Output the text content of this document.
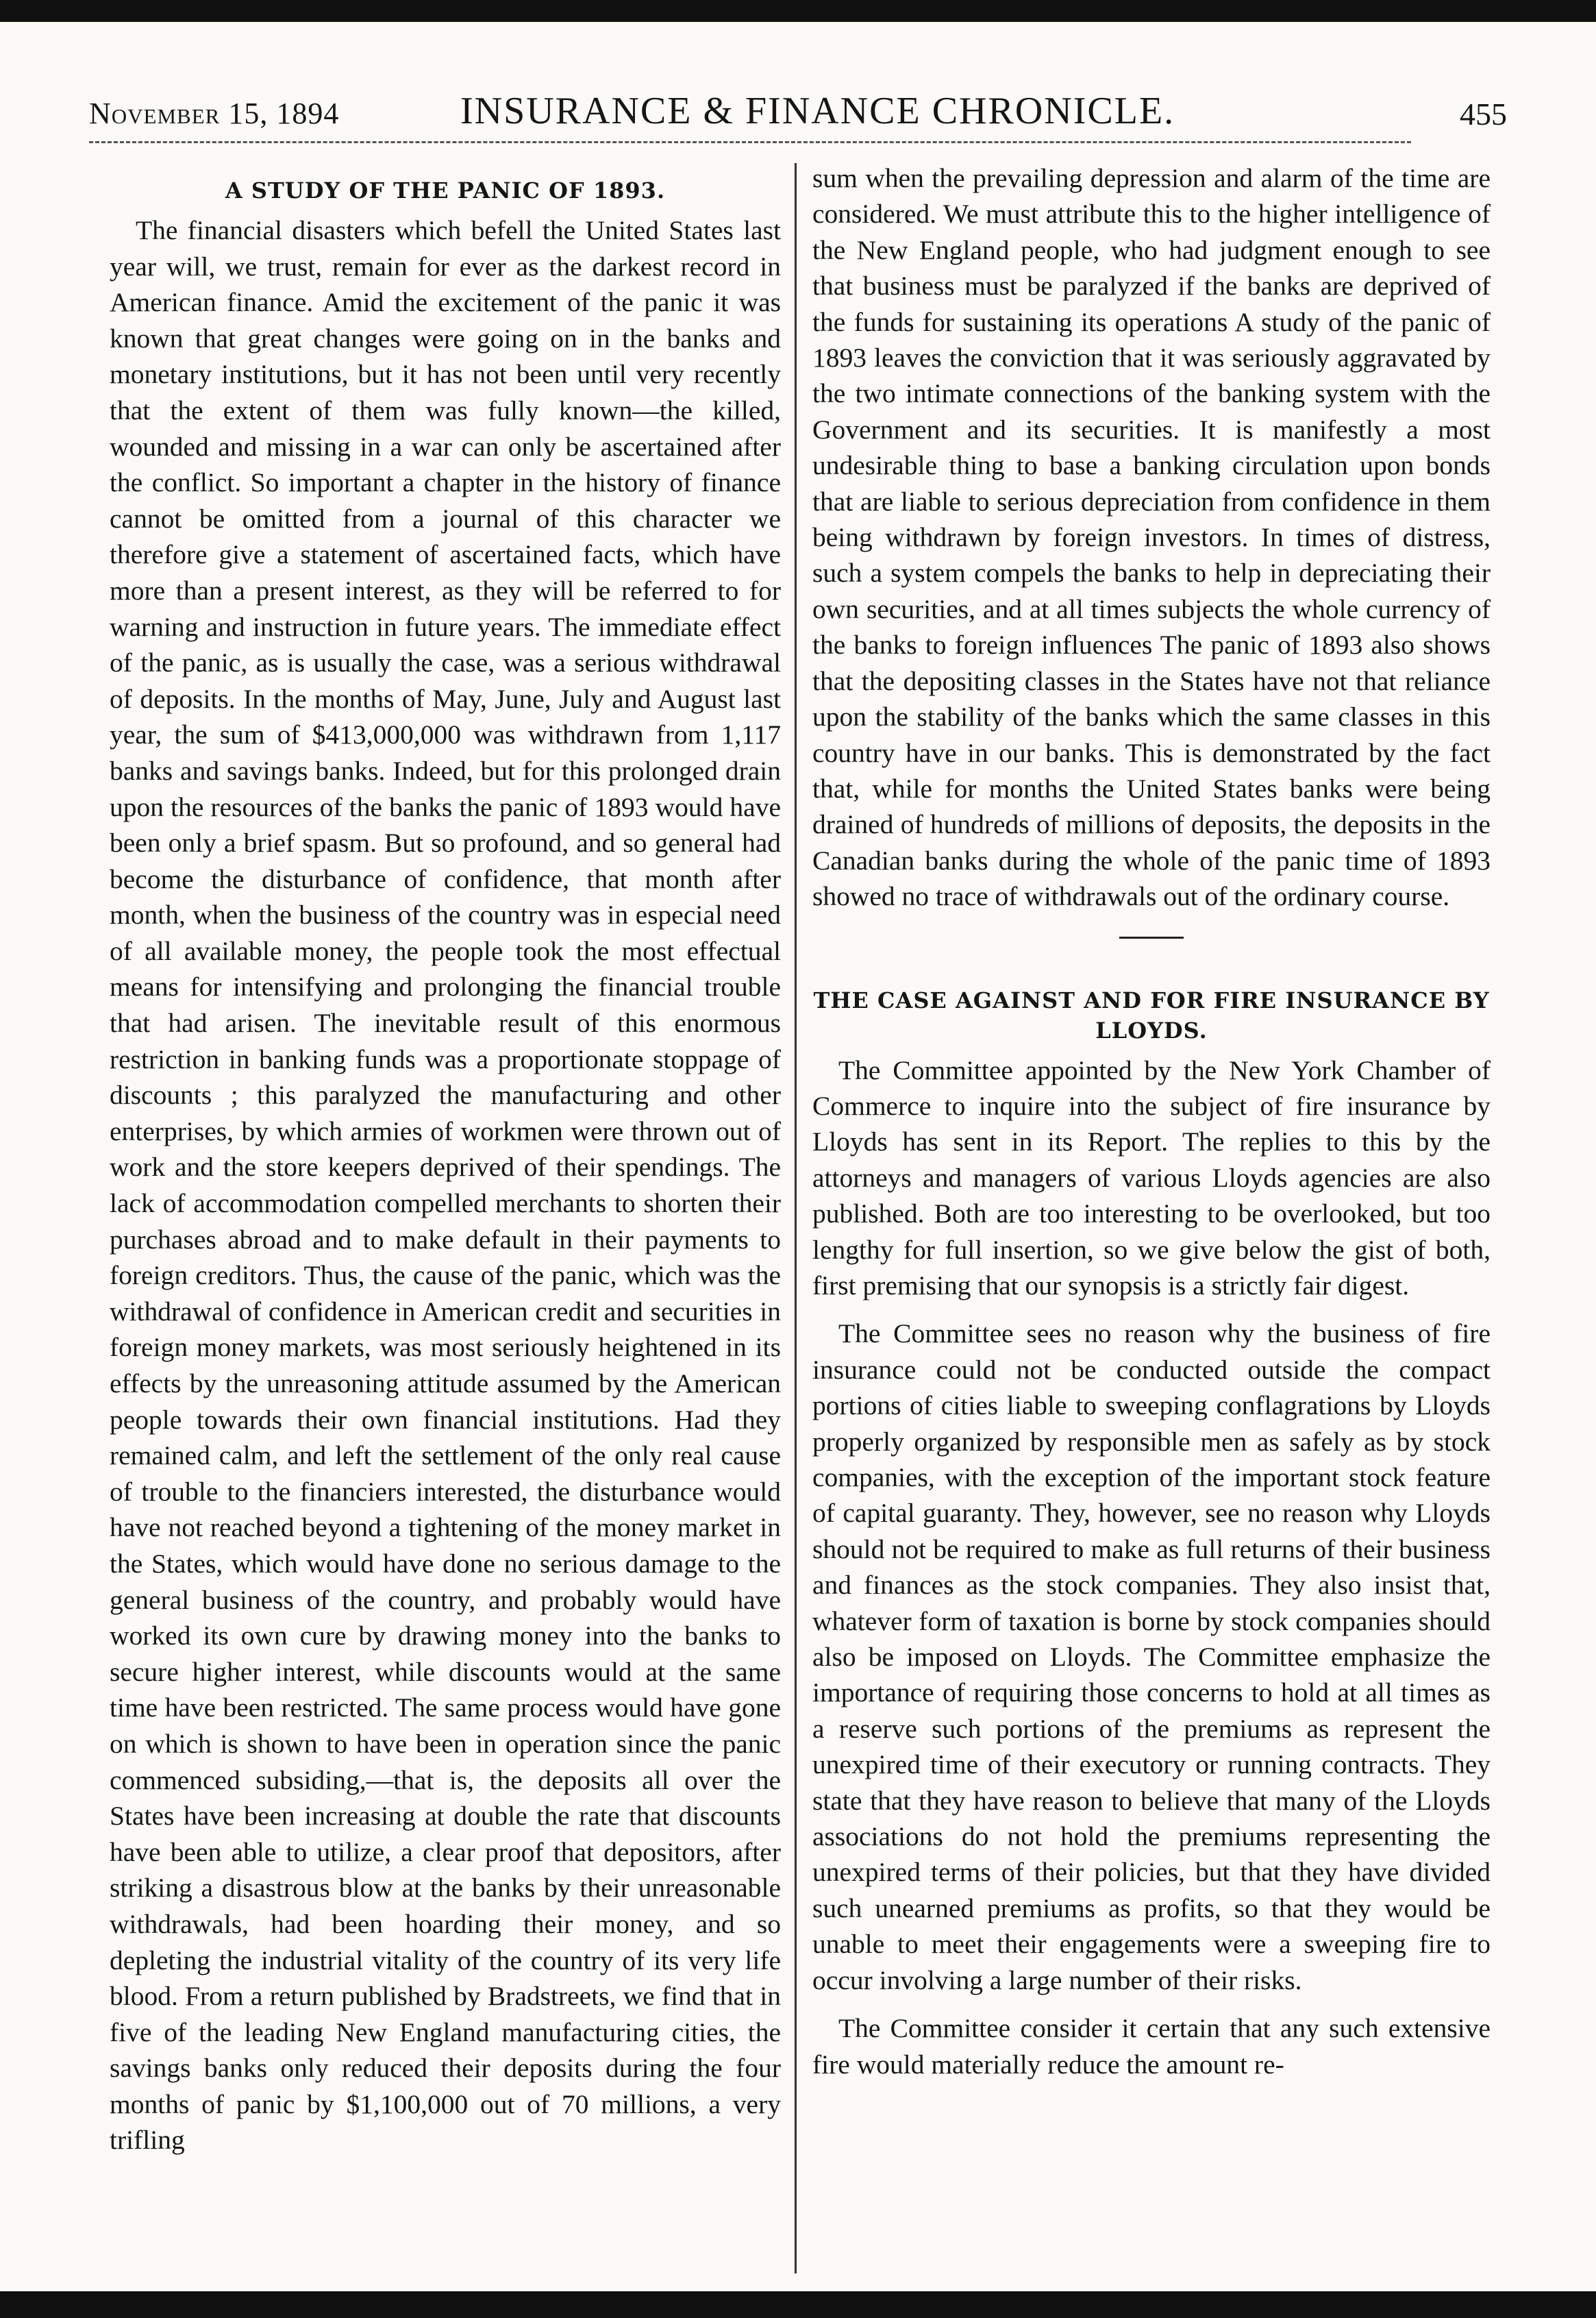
November 15, 1894	INSURANCE & FINANCE CHRONICLE.	455
A STUDY OF THE PANIC OF 1893.

The financial disasters which befell the United States last year will, we trust, remain for ever as the darkest record in American finance. Amid the excitement of the panic it was known that great changes were going on in the banks and monetary institutions, but it has not been until very recently that the extent of them was fully known—the killed, wounded and missing in a war can only be ascertained after the conflict. So important a chapter in the history of finance cannot be omitted from a journal of this character we therefore give a statement of ascertained facts, which have more than a present interest, as they will be referred to for warning and instruction in future years. The immediate effect of the panic, as is usually the case, was a serious withdrawal of deposits. In the months of May, June, July and August last year, the sum of $413,000,000 was withdrawn from 1,117 banks and savings banks. Indeed, but for this prolonged drain upon the resources of the banks the panic of 1893 would have been only a brief spasm. But so profound, and so general had become the disturbance of confidence, that month after month, when the business of the country was in especial need of all available money, the people took the most effectual means for intensifying and prolonging the financial trouble that had arisen. The inevitable result of this enormous restriction in banking funds was a proportionate stoppage of discounts ; this paralyzed the manufacturing and other enterprises, by which armies of workmen were thrown out of work and the store keepers deprived of their spendings. The lack of accommodation compelled merchants to shorten their purchases abroad and to make default in their payments to foreign creditors. Thus, the cause of the panic, which was the withdrawal of confidence in American credit and securities in foreign money markets, was most seriously heightened in its effects by the unreasoning attitude assumed by the American people towards their own financial institutions. Had they remained calm, and left the settlement of the only real cause of trouble to the financiers interested, the disturbance would have not reached beyond a tightening of the money market in the States, which would have done no serious damage to the general business of the country, and probably would have worked its own cure by drawing money into the banks to secure higher interest, while discounts would at the same time have been restricted. The same process would have gone on which is shown to have been in operation since the panic commenced subsiding,—that is, the deposits all over the States have been increasing at double the rate that discounts have been able to utilize, a clear proof that depositors, after striking a disastrous blow at the banks by their unreasonable withdrawals, had been hoarding their money, and so depleting the industrial vitality of the country of its very life blood. From a return published by Bradstreets, we find that in five of the leading New England manufacturing cities, the savings banks only reduced their deposits during the four months of panic by $1,100,000 out of 70 millions, a very trifling

sum when the prevailing depression and alarm of the time are considered. We must attribute this to the higher intelligence of the New England people, who had judgment enough to see that business must be paralyzed if the banks are deprived of the funds for sustaining its operations A study of the panic of 1893 leaves the conviction that it was seriously aggravated by the two intimate connections of the banking system with the Government and its securities. It is manifestly a most undesirable thing to base a banking circulation upon bonds that are liable to serious depreciation from confidence in them being withdrawn by foreign investors. In times of distress, such a system compels the banks to help in depreciating their own securities, and at all times subjects the whole currency of the banks to foreign influences The panic of 1893 also shows that the depositing classes in the States have not that reliance upon the stability of the banks which the same classes in this country have in our banks. This is demonstrated by the fact that, while for months the United States banks were being drained of hundreds of millions of deposits, the deposits in the Canadian banks during the whole of the panic time of 1893 showed no trace of withdrawals out of the ordinary course.

THE CASE AGAINST AND FOR FIRE INSURANCE BY LLOYDS.

The Committee appointed by the New York Chamber of Commerce to inquire into the subject of fire insurance by Lloyds has sent in its Report. The replies to this by the attorneys and managers of various Lloyds agencies are also published. Both are too interesting to be overlooked, but too lengthy for full insertion, so we give below the gist of both, first premising that our synopsis is a strictly fair digest.

The Committee sees no reason why the business of fire insurance could not be conducted outside the compact portions of cities liable to sweeping conflagrations by Lloyds properly organized by responsible men as safely as by stock companies, with the exception of the important stock feature of capital guaranty. They, however, see no reason why Lloyds should not be required to make as full returns of their business and finances as the stock companies. They also insist that, whatever form of taxation is borne by stock companies should also be imposed on Lloyds. The Committee emphasize the importance of requiring those concerns to hold at all times as a reserve such portions of the premiums as represent the unexpired time of their executory or running contracts. They state that they have reason to believe that many of the Lloyds associations do not hold the premiums representing the unexpired terms of their policies, but that they have divided such unearned premiums as profits, so that they would be unable to meet their engagements were a sweeping fire to occur involving a large number of their risks.

The Committee consider it certain that any such extensive fire would materially reduce the amount re-
